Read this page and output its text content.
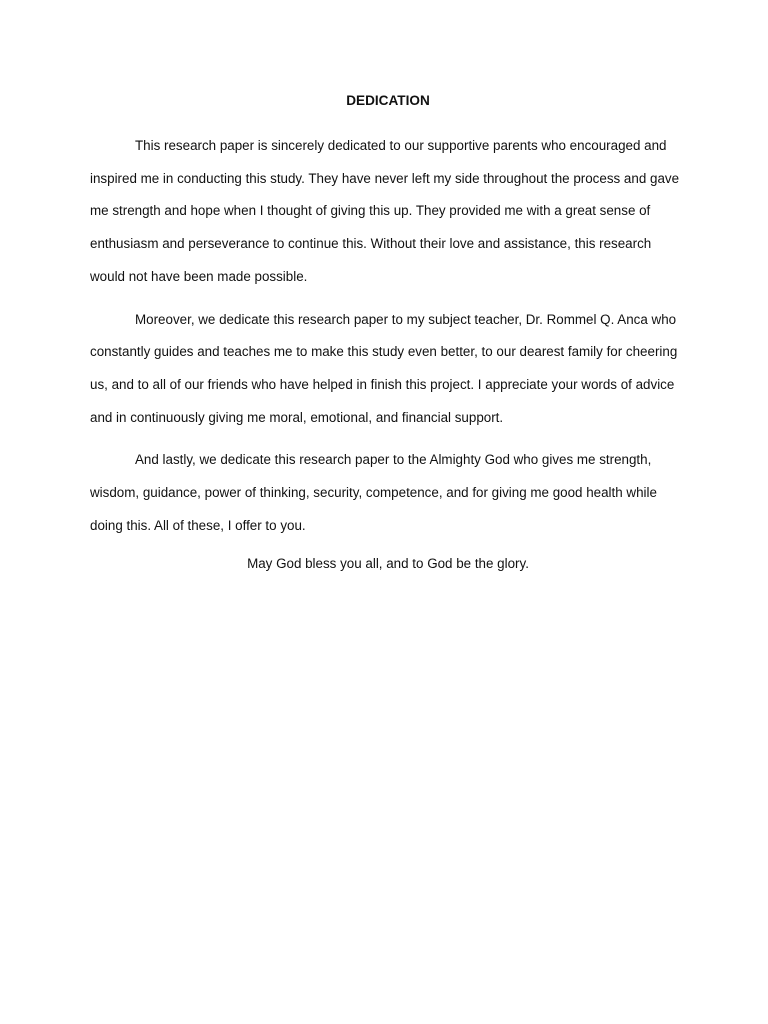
DEDICATION

This research paper is sincerely dedicated to our supportive parents who encouraged and inspired me in conducting this study. They have never left my side throughout the process and gave me strength and hope when I thought of giving this up. They provided me with a great sense of enthusiasm and perseverance to continue this. Without their love and assistance, this research would not have been made possible.

Moreover, we dedicate this research paper to my subject teacher, Dr. Rommel Q. Anca who constantly guides and teaches me to make this study even better, to our dearest family for cheering us, and to all of our friends who have helped in finish this project. I appreciate your words of advice and in continuously giving me moral, emotional, and financial support.

And lastly, we dedicate this research paper to the Almighty God who gives me strength, wisdom, guidance, power of thinking, security, competence, and for giving me good health while doing this. All of these, I offer to you.

May God bless you all, and to God be the glory.
